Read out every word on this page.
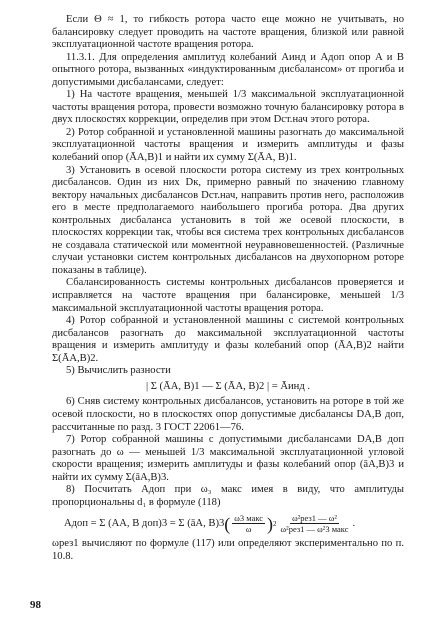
Если Θ ≈ 1, то гибкость ротора часто еще можно не учитывать, но балансировку следует проводить на частоте вращения, близкой или равной эксплуатационной частоте вращения ротора.

11.3.1. Для определения амплитуд колебаний Aинд и Aдоп опор A и B опытного ротора, вызванных «индуктированным дисбалансом» от прогиба и допустимыми дисбалансами, следует:

1) На частоте вращения, меньшей 1/3 максимальной эксплуатационной частоты вращения ротора, провести возможно точную балансировку ротора в двух плоскостях коррекции, определив при этом Dст.нач этого ротора.

2) Ротор собранной и установленной машины разогнать до максимальной эксплуатационной частоты вращения и измерить амплитуды и фазы колебаний опор (ĀA,B)1 и найти их сумму Σ(ĀA, B)1.

3) Установить в осевой плоскости ротора систему из трех контрольных дисбалансов. Один из них Dк, примерно равный по значению главному вектору начальных дисбалансов Dст.нач, направить против него, расположив его в месте предполагаемого наибольшего прогиба ротора. Два других контрольных дисбаланса установить в той же осевой плоскости, в плоскостях коррекции так, чтобы вся система трех контрольных дисбалансов не создавала статической или моментной неуравновешенностей. (Различные случаи установки систем контрольных дисбалансов на двухопорном роторе показаны в таблице).

Сбалансированность системы контрольных дисбалансов проверяется и исправляется на частоте вращения при балансировке, меньшей 1/3 максимальной эксплуатационной частоты вращения ротора.

4) Ротор собранной и установленной машины с системой контрольных дисбалансов разогнать до максимальной эксплуатационной частоты вращения и измерить амплитуду и фазы колебаний опор (ĀA,B)2 найти Σ(ĀA,B)2.

5) Вычислить разности

| Σ (ĀA, B)1 — Σ (ĀA, B)2 | = Āинд .

6) Сняв систему контрольных дисбалансов, установить на роторе в той же осевой плоскости, но в плоскостях опор допустимые дисбалансы DA,B доп, рассчитанные по разд. 3 ГОСТ 22061—76.

7) Ротор собранной машины с допустимыми дисбалансами DA,B доп разогнать до ω — меньшей 1/3 максимальной эксплуатационной угловой скорости вращения; измерить амплитуды и фазы колебаний опор (āA,B)3 и найти их сумму Σ(āA,B)3.

8) Посчитать Aдоп при ω₃ макс имея в виду, что амплитуды пропорциональны d₁ в формуле (118)

Aдоп = Σ (AA, B доп)3 = Σ (āA, B)3 ( $\frac{\text{ω3 макс}}{\omega}$ ) $2 \frac{\text{ω²рез1 — ω²}}{\text{ω²рез1 — ω²3 макс}}$ .

ωрез1 вычисляют по формуле (117) или определяют экспериментально по п. 10.8.

98
